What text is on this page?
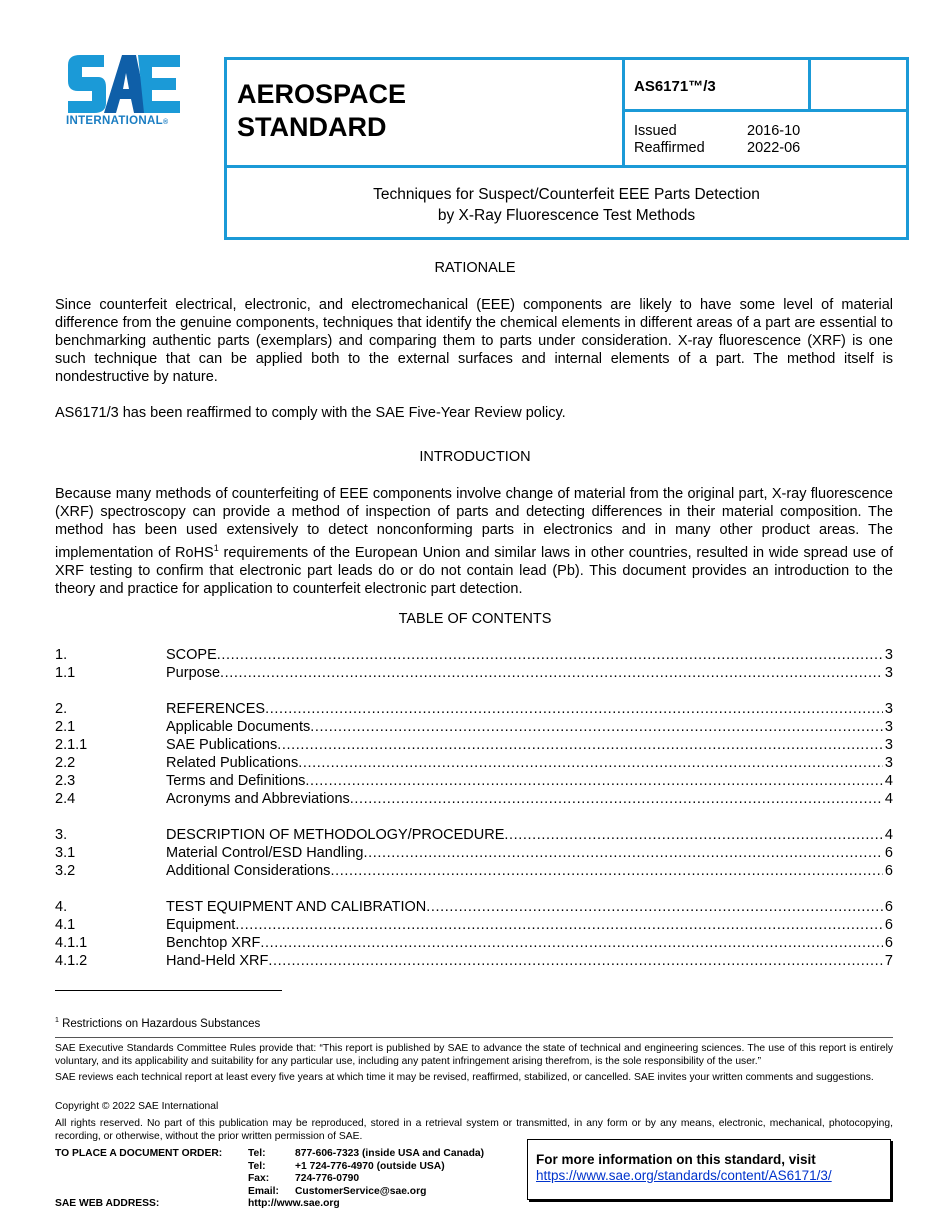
INTERNATIONAL®
AEROSPACE
STANDARD
AS6171™/3
Issued	2016-10
Reaffirmed	2022-06
Techniques for Suspect/Counterfeit EEE Parts Detection
by X-Ray Fluorescence Test Methods
RATIONALE
Since counterfeit electrical, electronic, and electromechanical (EEE) components are likely to have some level of material difference from the genuine components, techniques that identify the chemical elements in different areas of a part are essential to benchmarking authentic parts (exemplars) and comparing them to parts under consideration. X-ray fluorescence (XRF) is one such technique that can be applied both to the external surfaces and internal elements of a part. The method itself is nondestructive by nature.
AS6171/3 has been reaffirmed to comply with the SAE Five-Year Review policy.
INTRODUCTION
Because many methods of counterfeiting of EEE components involve change of material from the original part, X-ray fluorescence (XRF) spectroscopy can provide a method of inspection of parts and detecting differences in their material composition. The method has been used extensively to detect nonconforming parts in electronics and in many other product areas. The implementation of RoHS$^1$ requirements of the European Union and similar laws in other countries, resulted in wide spread use of XRF testing to confirm that electronic part leads do or do not contain lead (Pb). This document provides an introduction to the theory and practice for application to counterfeit electronic part detection.
TABLE OF CONTENTS
1.	SCOPE .....	3
1.1	Purpose .....	3
2.	REFERENCES .....	3
2.1	Applicable Documents .....	3
2.1.1	SAE Publications .....	3
2.2	Related Publications .....	3
2.3	Terms and Definitions .....	4
2.4	Acronyms and Abbreviations .....	4
3.	DESCRIPTION OF METHODOLOGY/PROCEDURE .....	4
3.1	Material Control/ESD Handling .....	6
3.2	Additional Considerations .....	6
4.	TEST EQUIPMENT AND CALIBRATION .....	6
4.1	Equipment .....	6
4.1.1	Benchtop XRF .....	6
4.1.2	Hand-Held XRF .....	7
$^1$ Restrictions on Hazardous Substances
SAE Executive Standards Committee Rules provide that: “This report is published by SAE to advance the state of technical and engineering sciences. The use of this report is entirely voluntary, and its applicability and suitability for any particular use, including any patent infringement arising therefrom, is the sole responsibility of the user.”
SAE reviews each technical report at least every five years at which time it may be revised, reaffirmed, stabilized, or cancelled. SAE invites your written comments and suggestions.
Copyright © 2022 SAE International
All rights reserved. No part of this publication may be reproduced, stored in a retrieval system or transmitted, in any form or by any means, electronic, mechanical, photocopying, recording, or otherwise, without the prior written permission of SAE.
TO PLACE A DOCUMENT ORDER:	Tel:	877-606-7323 (inside USA and Canada)
Tel:	+1 724-776-4970 (outside USA)
Fax:	724-776-0790
Email: CustomerService@sae.org
SAE WEB ADDRESS:	http://www.sae.org
For more information on this standard, visit
https://www.sae.org/standards/content/AS6171/3/
